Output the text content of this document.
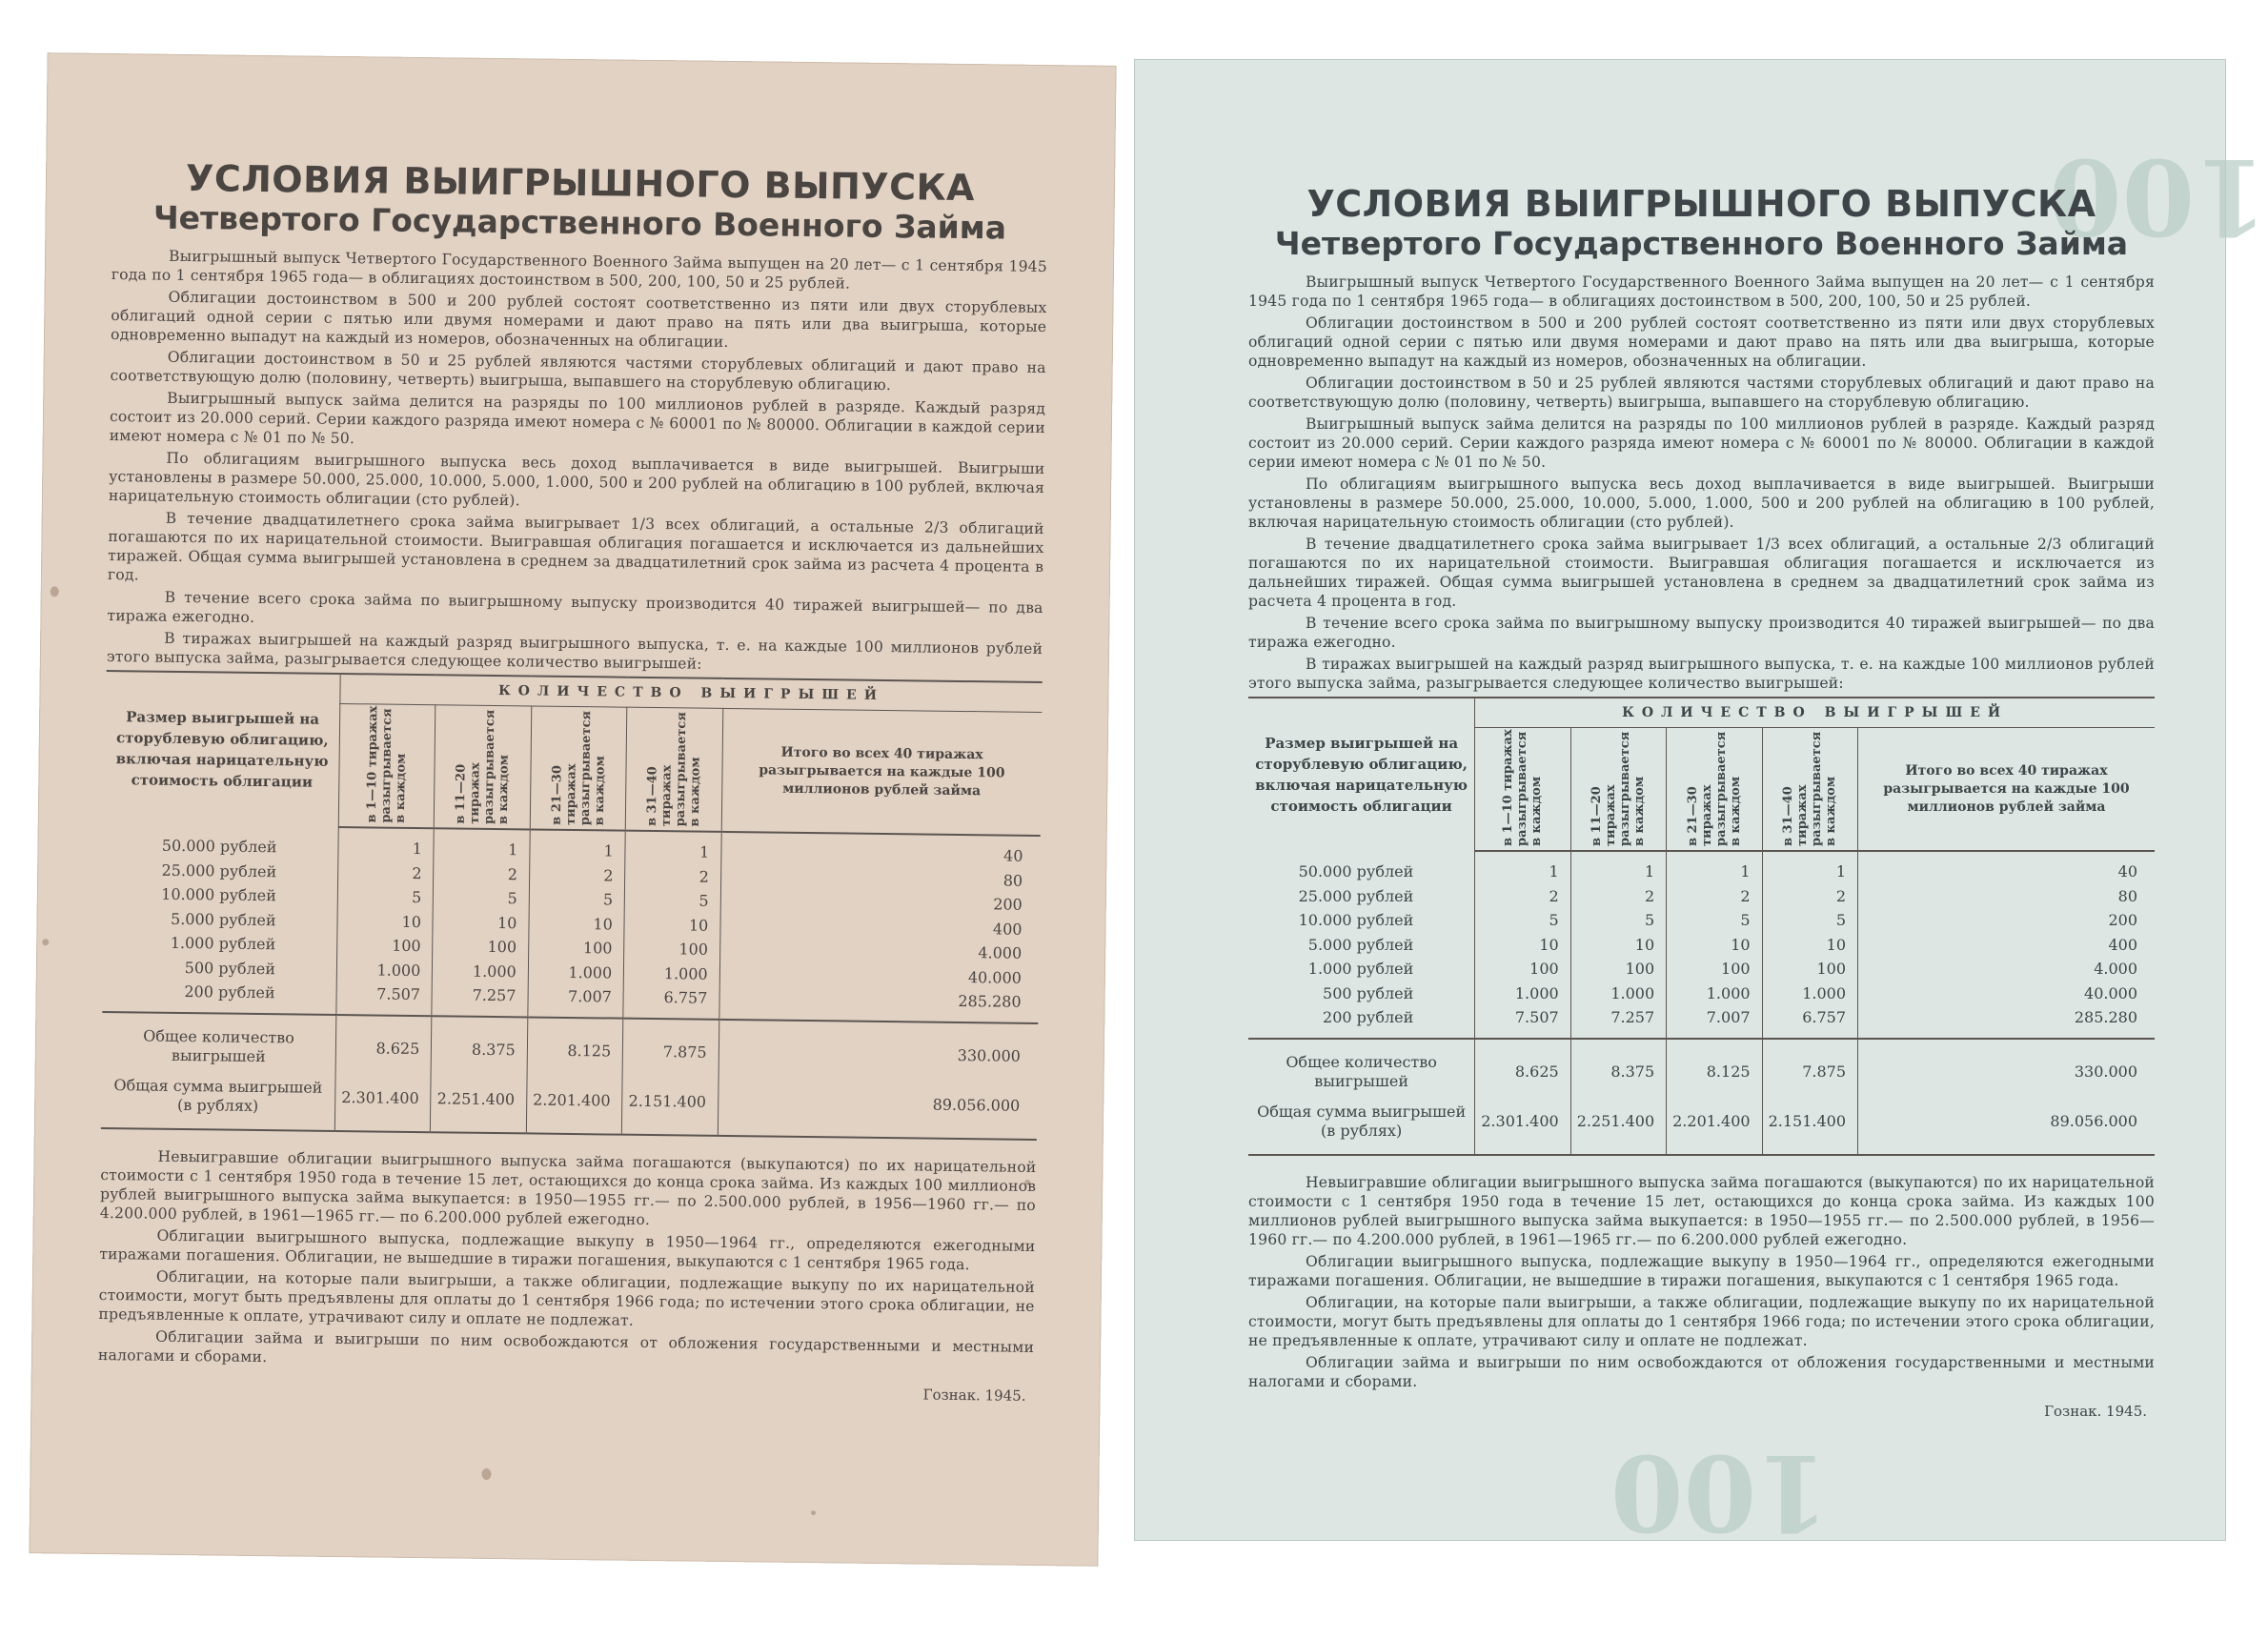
УСЛОВИЯ ВЫИГРЫШНОГО ВЫПУСКА
Четвертого Государственного Военного Займа

Выигрышный выпуск Четвертого Государственного Военного Займа выпущен на 20 лет— с 1 сентября 1945 года по 1 сентября 1965 года— в облигациях достоинством в 500, 200, 100, 50 и 25 рублей.

Облигации достоинством в 500 и 200 рублей состоят соответственно из пяти или двух сторублевых облигаций одной серии с пятью или двумя номерами и дают право на пять или два выигрыша, которые одновременно выпадут на каждый из номеров, обозначенных на облигации.

Облигации достоинством в 50 и 25 рублей являются частями сторублевых облигаций и дают право на соответствующую долю (половину, четверть) выигрыша, выпавшего на сторублевую облигацию.

Выигрышный выпуск займа делится на разряды по 100 миллионов рублей в разряде. Каждый разряд состоит из 20.000 серий. Серии каждого разряда имеют номера с № 60001 по № 80000. Облигации в каждой серии имеют номера с № 01 по № 50.

По облигациям выигрышного выпуска весь доход выплачивается в виде выигрышей. Выигрыши установлены в размере 50.000, 25.000, 10.000, 5.000, 1.000, 500 и 200 рублей на облигацию в 100 рублей, включая нарицательную стоимость облигации (сто рублей).

В течение двадцатилетнего срока займа выигрывает 1/3 всех облигаций, а остальные 2/3 облигаций погашаются по их нарицательной стоимости. Выигравшая облигация погашается и исключается из дальнейших тиражей. Общая сумма выигрышей установлена в среднем за двадцатилетний срок займа из расчета 4 процента в год.

В течение всего срока займа по выигрышному выпуску производится 40 тиражей выигрышей— по два тиража ежегодно.

В тиражах выигрышей на каждый разряд выигрышного выпуска, т. е. на каждые 100 миллионов рублей этого выпуска займа, разыгрывается следующее количество выигрышей:

Размер выигрышей на сторублевую облигацию, включая нарицательную стоимость облигации	КОЛИЧЕСТВО ВЫИГРЫШЕЙ				
	в 1—10 тиражах разыгрывается в каждом	в 11—20 тиражах разыгрывается в каждом	в 21—30 тиражах разыгрывается в каждом	в 31—40 тиражах разыгрывается в каждом	Итого во всех 40 тиражах разыгрывается на каждые 100 миллионов рублей займа
50.000 рублей	1	1	1	1	40
25.000 рублей	2	2	2	2	80
10.000 рублей	5	5	5	5	200
5.000 рублей	10	10	10	10	400
1.000 рублей	100	100	100	100	4.000
500 рублей	1.000	1.000	1.000	1.000	40.000
200 рублей	7.507	7.257	7.007	6.757	285.280
Общее количество выигрышей	8.625	8.375	8.125	7.875	330.000
Общая сумма выигрышей (в рублях)	2.301.400	2.251.400	2.201.400	2.151.400	89.056.000

Невыигравшие облигации выигрышного выпуска займа погашаются (выкупаются) по их нарицательной стоимости с 1 сентября 1950 года в течение 15 лет, остающихся до конца срока займа. Из каждых 100 миллионов рублей выигрышного выпуска займа выкупается: в 1950—1955 гг.— по 2.500.000 рублей, в 1956—1960 гг.— по 4.200.000 рублей, в 1961—1965 гг.— по 6.200.000 рублей ежегодно.

Облигации выигрышного выпуска, подлежащие выкупу в 1950—1964 гг., определяются ежегодными тиражами погашения. Облигации, не вышедшие в тиражи погашения, выкупаются с 1 сентября 1965 года.

Облигации, на которые пали выигрыши, а также облигации, подлежащие выкупу по их нарицательной стоимости, могут быть предъявлены для оплаты до 1 сентября 1966 года; по истечении этого срока облигации, не предъявленные к оплате, утрачивают силу и оплате не подлежат.

Облигации займа и выигрыши по ним освобождаются от обложения государственными и местными налогами и сборами.

Гознак. 1945.
100
100
УСЛОВИЯ ВЫИГРЫШНОГО ВЫПУСКА
Четвертого Государственного Военного Займа

Выигрышный выпуск Четвертого Государственного Военного Займа выпущен на 20 лет— с 1 сентября 1945 года по 1 сентября 1965 года— в облигациях достоинством в 500, 200, 100, 50 и 25 рублей.

Облигации достоинством в 500 и 200 рублей состоят соответственно из пяти или двух сторублевых облигаций одной серии с пятью или двумя номерами и дают право на пять или два выигрыша, которые одновременно выпадут на каждый из номеров, обозначенных на облигации.

Облигации достоинством в 50 и 25 рублей являются частями сторублевых облигаций и дают право на соответствующую долю (половину, четверть) выигрыша, выпавшего на сторублевую облигацию.

Выигрышный выпуск займа делится на разряды по 100 миллионов рублей в разряде. Каждый разряд состоит из 20.000 серий. Серии каждого разряда имеют номера с № 60001 по № 80000. Облигации в каждой серии имеют номера с № 01 по № 50.

По облигациям выигрышного выпуска весь доход выплачивается в виде выигрышей. Выигрыши установлены в размере 50.000, 25.000, 10.000, 5.000, 1.000, 500 и 200 рублей на облигацию в 100 рублей, включая нарицательную стоимость облигации (сто рублей).

В течение двадцатилетнего срока займа выигрывает 1/3 всех облигаций, а остальные 2/3 облигаций погашаются по их нарицательной стоимости. Выигравшая облигация погашается и исключается из дальнейших тиражей. Общая сумма выигрышей установлена в среднем за двадцатилетний срок займа из расчета 4 процента в год.

В течение всего срока займа по выигрышному выпуску производится 40 тиражей выигрышей— по два тиража ежегодно.

В тиражах выигрышей на каждый разряд выигрышного выпуска, т. е. на каждые 100 миллионов рублей этого выпуска займа, разыгрывается следующее количество выигрышей:

Размер выигрышей на сторублевую облигацию, включая нарицательную стоимость облигации	КОЛИЧЕСТВО ВЫИГРЫШЕЙ				
	в 1—10 тиражах разыгрывается в каждом	в 11—20 тиражах разыгрывается в каждом	в 21—30 тиражах разыгрывается в каждом	в 31—40 тиражах разыгрывается в каждом	Итого во всех 40 тиражах разыгрывается на каждые 100 миллионов рублей займа
50.000 рублей	1	1	1	1	40
25.000 рублей	2	2	2	2	80
10.000 рублей	5	5	5	5	200
5.000 рублей	10	10	10	10	400
1.000 рублей	100	100	100	100	4.000
500 рублей	1.000	1.000	1.000	1.000	40.000
200 рублей	7.507	7.257	7.007	6.757	285.280
Общее количество выигрышей	8.625	8.375	8.125	7.875	330.000
Общая сумма выигрышей (в рублях)	2.301.400	2.251.400	2.201.400	2.151.400	89.056.000

Невыигравшие облигации выигрышного выпуска займа погашаются (выкупаются) по их нарицательной стоимости с 1 сентября 1950 года в течение 15 лет, остающихся до конца срока займа. Из каждых 100 миллионов рублей выигрышного выпуска займа выкупается: в 1950—1955 гг.— по 2.500.000 рублей, в 1956—1960 гг.— по 4.200.000 рублей, в 1961—1965 гг.— по 6.200.000 рублей ежегодно.

Облигации выигрышного выпуска, подлежащие выкупу в 1950—1964 гг., определяются ежегодными тиражами погашения. Облигации, не вышедшие в тиражи погашения, выкупаются с 1 сентября 1965 года.

Облигации, на которые пали выигрыши, а также облигации, подлежащие выкупу по их нарицательной стоимости, могут быть предъявлены для оплаты до 1 сентября 1966 года; по истечении этого срока облигации, не предъявленные к оплате, утрачивают силу и оплате не подлежат.

Облигации займа и выигрыши по ним освобождаются от обложения государственными и местными налогами и сборами.

Гознак. 1945.
